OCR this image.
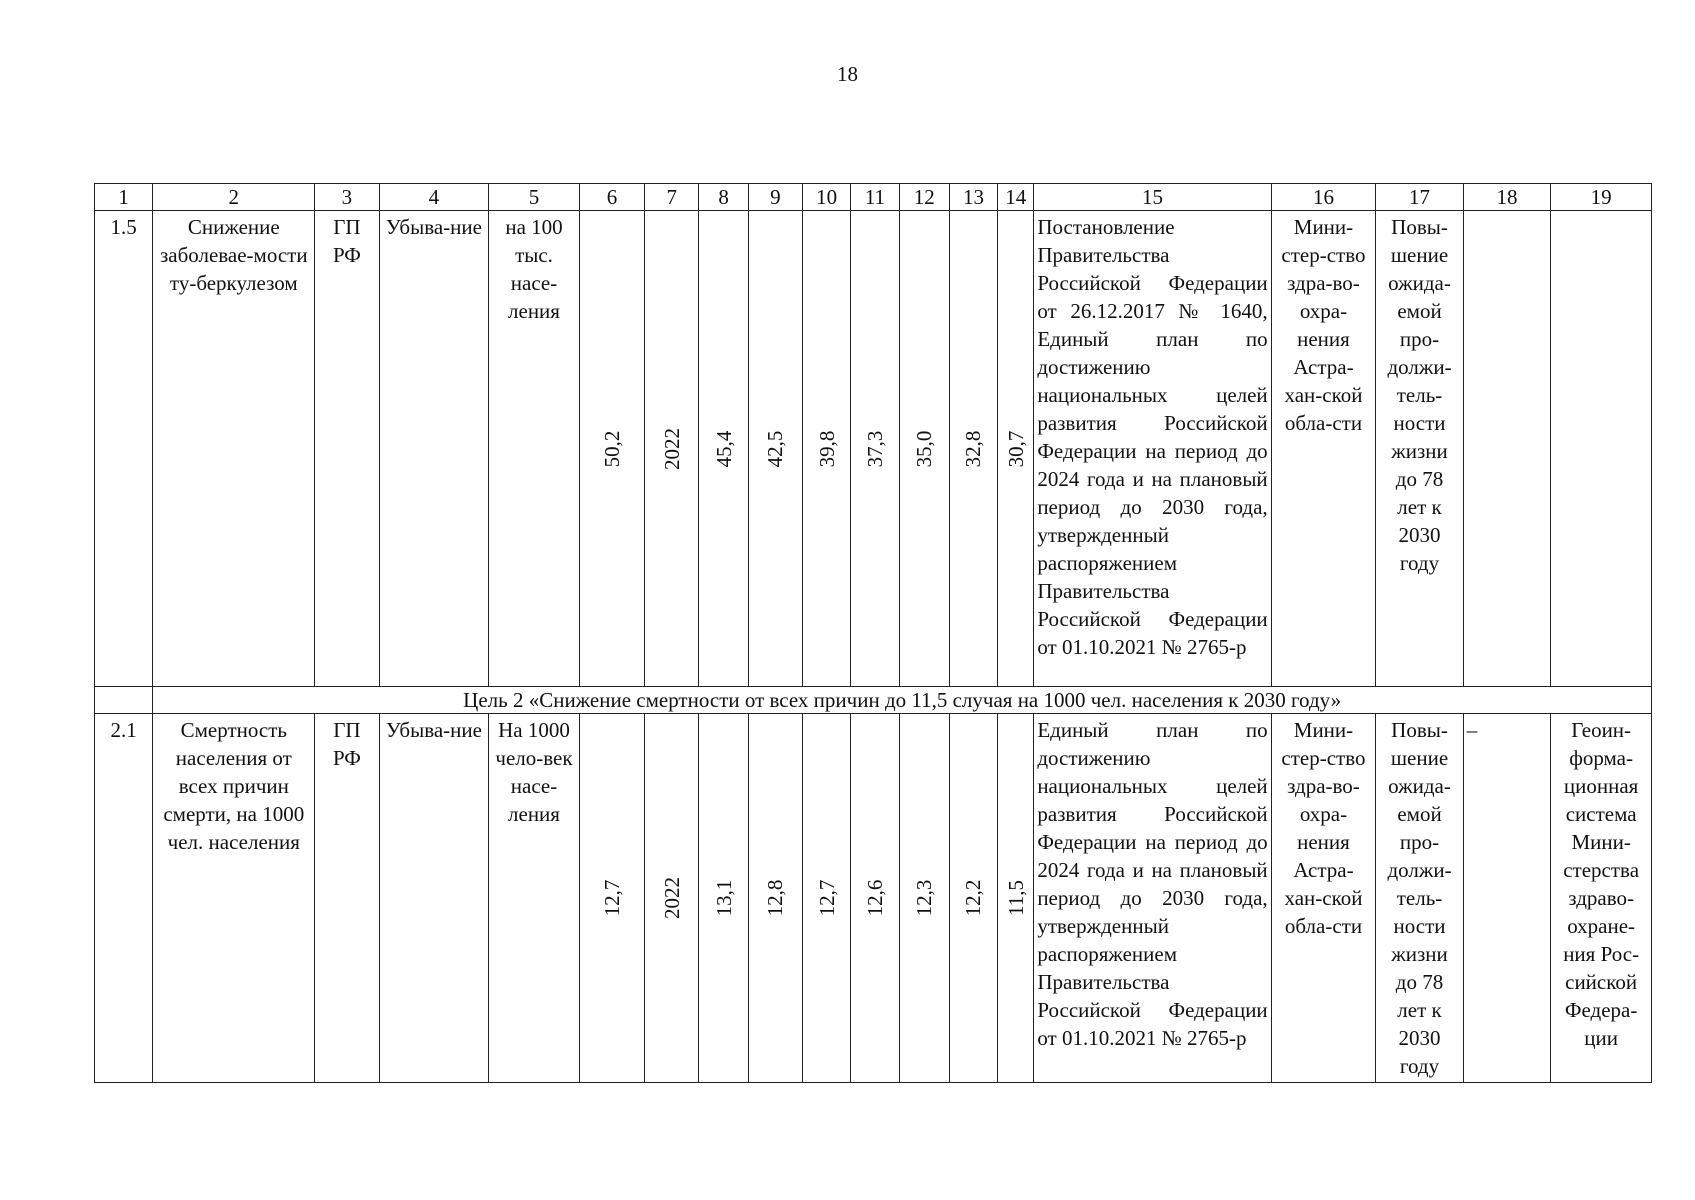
18
1	2	3	4	5	6	7	8	9	10	11	12	13	14	15	16	17	18	19
1.5	Снижение заболевае-мости ту-беркулезом	ГП РФ	Убыва-ние	на 100 тыс. насе-ления	50,2	2022	45,4	42,5	39,8	37,3	35,0	32,8	30,7	Постановление Правительства Российской Федерации от 26.12.2017 № 1640, Единый план по достижению национальных целей развития Российской Федерации на период до 2024 года и на плановый период до 2030 года, утвержденный распоряжением Правительства Российской Федерации от 01.10.2021 № 2765-р	Мини-стер-ство здра-во-охра-нения Астра-хан-ской обла-сти	Повы-шение ожида-емой про-должи-тель-ности жизни до 78 лет к 2030 году		
	Цель 2 «Снижение смертности от всех причин до 11,5 случая на 1000 чел. населения к 2030 году»																	
2.1	Смертность населения от всех причин смерти, на 1000 чел. населения	ГП РФ	Убыва-ние	На 1000 чело-век насе-ления	12,7	2022	13,1	12,8	12,7	12,6	12,3	12,2	11,5	Единый план по достижению национальных целей развития Российской Федерации на период до 2024 года и на плановый период до 2030 года, утвержденный распоряжением Правительства Российской Федерации от 01.10.2021 № 2765-р	Мини-стер-ство здра-во-охра-нения Астра-хан-ской обла-сти	Повы-шение ожида-емой про-должи-тель-ности жизни до 78 лет к 2030 году	–	Геоин-форма-ционная система Мини-стерства здраво-охране-ния Рос-сийской Федера-ции
